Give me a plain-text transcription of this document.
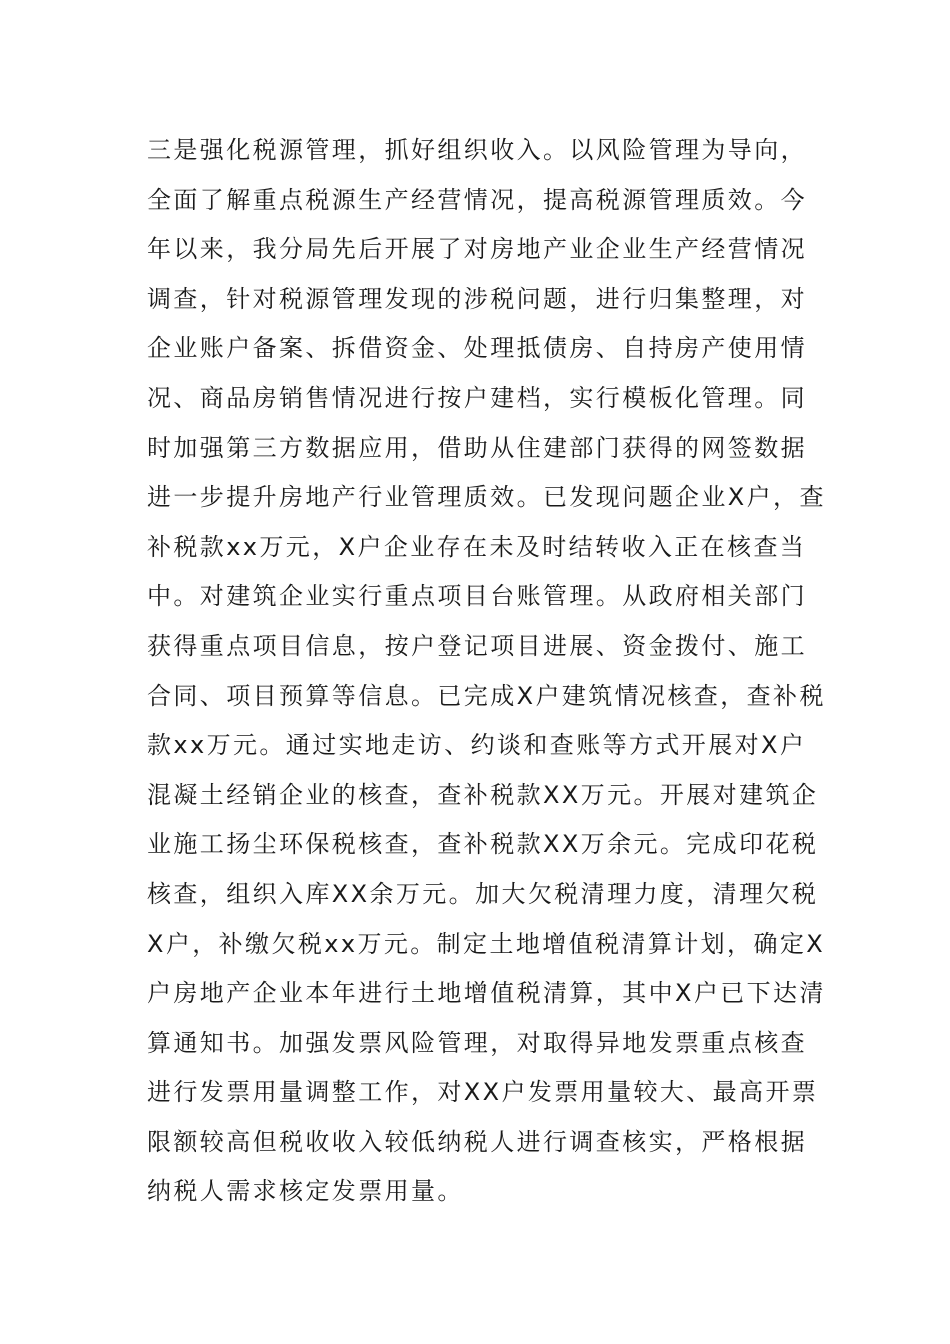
三是强化税源管理，抓好组织收入。以风险管理为导向，
全面了解重点税源生产经营情况，提高税源管理质效。今
年以来，我分局先后开展了对房地产业企业生产经营情况
调查，针对税源管理发现的涉税问题，进行归集整理，对
企业账户备案、拆借资金、处理抵债房、自持房产使用情
况、商品房销售情况进行按户建档，实行模板化管理。同
时加强第三方数据应用，借助从住建部门获得的网签数据
进一步提升房地产行业管理质效。已发现问题企业X户，查
补税款xx万元，X户企业存在未及时结转收入正在核查当
中。对建筑企业实行重点项目台账管理。从政府相关部门
获得重点项目信息，按户登记项目进展、资金拨付、施工
合同、项目预算等信息。已完成X户建筑情况核查，查补税
款xx万元。通过实地走访、约谈和查账等方式开展对X户
混凝土经销企业的核查，查补税款XX万元。开展对建筑企
业施工扬尘环保税核查，查补税款XX万余元。完成印花税
核查，组织入库XX余万元。加大欠税清理力度，清理欠税
X户，补缴欠税xx万元。制定土地增值税清算计划，确定X
户房地产企业本年进行土地增值税清算，其中X户已下达清
算通知书。加强发票风险管理，对取得异地发票重点核查
进行发票用量调整工作，对XX户发票用量较大、最高开票
限额较高但税收收入较低纳税人进行调查核实，严格根据
纳税人需求核定发票用量。
